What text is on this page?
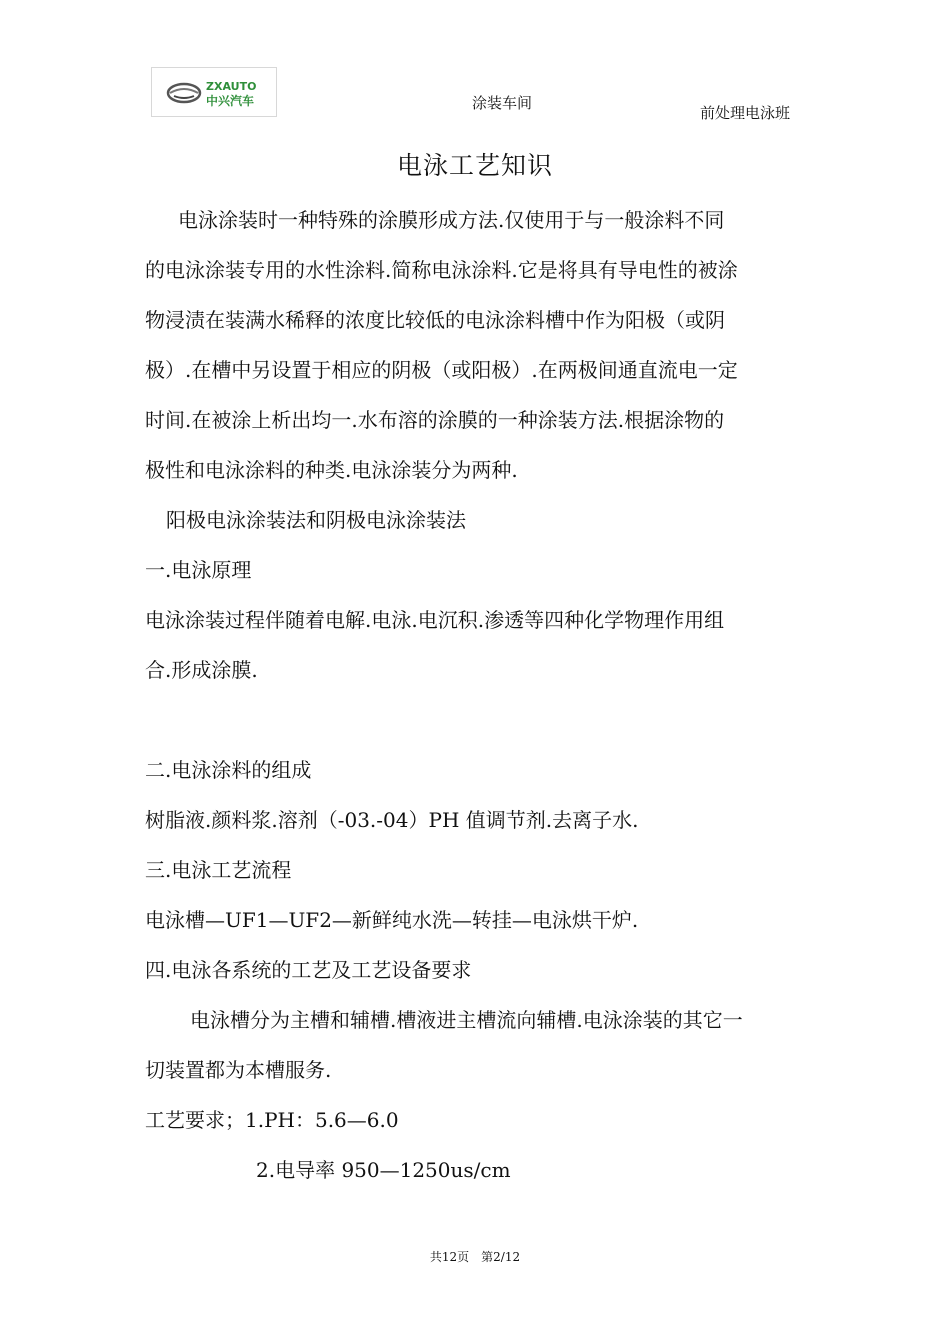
ZXAUTO
中兴汽车	涂装车间
前处理电泳班
电泳工艺知识
电泳涂装时一种特殊的涂膜形成方法.仅使用于与一般涂料不同
的电泳涂装专用的水性涂料.简称电泳涂料.它是将具有导电性的被涂
物浸渍在装满水稀释的浓度比较低的电泳涂料槽中作为阳极（或阴
极）.在槽中另设置于相应的阴极（或阳极）.在两极间通直流电一定
时间.在被涂上析出均一.水布溶的涂膜的一种涂装方法.根据涂物的
极性和电泳涂料的种类.电泳涂装分为两种.
阳极电泳涂装法和阴极电泳涂装法
一.电泳原理
电泳涂装过程伴随着电解.电泳.电沉积.渗透等四种化学物理作用组
合.形成涂膜.
二.电泳涂料的组成
树脂液.颜料浆.溶剂（-03.-04）PH 值调节剂.去离子水.
三.电泳工艺流程
电泳槽—UF1—UF2—新鲜纯水洗—转挂—电泳烘干炉.
四.电泳各系统的工艺及工艺设备要求
电泳槽分为主槽和辅槽.槽液进主槽流向辅槽.电泳涂装的其它一
切装置都为本槽服务.
工艺要求；1.PH：5.6—6.0
2.电导率 950—1250us/cm
共12页　第2/12
